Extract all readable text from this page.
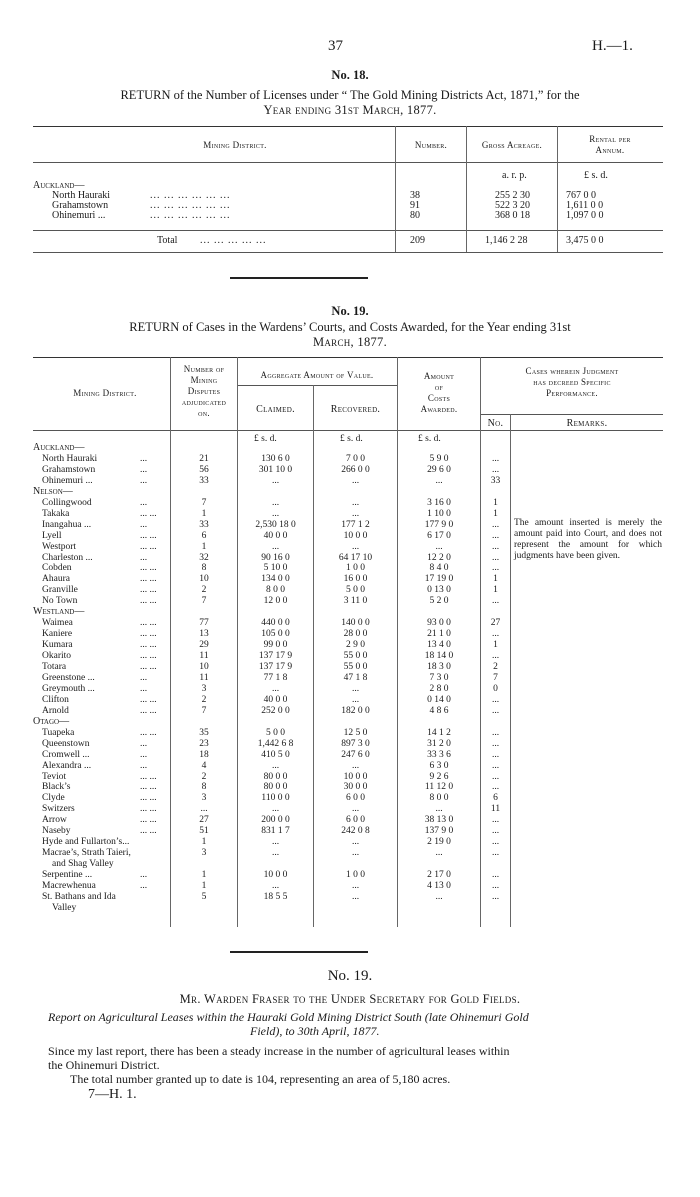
37	H.—1.
No. 18.
RETURN of the Number of Licenses under “ The Gold Mining Districts Act, 1871,” for the
Year ending 31st March, 1877.
Mining District.	Number.	Gross Acreage.
Rental per
Annum.
a. r. p.	£ s. d.
Auckland—
North Hauraki	... ... ... ... ... ...	38	255 2 30	767 0 0
Grahamstown	... ... ... ... ... ...	91	522 3 20	1,611 0 0
Ohinemuri ...	... ... ... ... ... ...	80	368 0 18	1,097 0 0
Total ... ... ... ... ...	209	1,146 2 28	3,475 0 0
No. 19.
RETURN of Cases in the Wardens’ Courts, and Costs Awarded, for the Year ending 31st
March, 1877.
Mining District.
Number of
Mining
Disputes
adjudicated
on.
Aggregate Amount of Value.
Claimed.	Recovered.
Amount
of
Costs
Awarded.
Cases wherein Judgment
has decreed Specific
Performance.
No.	Remarks.
£ s. d.	£ s. d.	£ s. d.
Auckland—
North Hauraki	...	21	130 6 0	7 0 0	5 9 0	...
Grahamstown	...	56	301 10 0	266 0 0	29 6 0	...
Ohinemuri ...	...	33	...	...	...	33
Nelson—
Collingwood	...	7	...	...	3 16 0	1
Takaka	... ...	1	...	...	1 10 0	1
Inangahua ...	...	33	2,530 18 0	177 1 2	177 9 0	...
Lyell	... ...	6	40 0 0	10 0 0	6 17 0	...
Westport	... ...	1	...	...	...	...
Charleston ...	...	32	90 16 0	64 17 10	12 2 0	...
Cobden	... ...	8	5 10 0	1 0 0	8 4 0	...
Ahaura	... ...	10	134 0 0	16 0 0	17 19 0	1
Granville	... ...	2	8 0 0	5 0 0	0 13 0	1
No Town	... ...	7	12 0 0	3 11 0	5 2 0	...
Westland—
Waimea	... ...	77	440 0 0	140 0 0	93 0 0	27
Kaniere	... ...	13	105 0 0	28 0 0	21 1 0	...
Kumara	... ...	29	99 0 0	2 9 0	13 4 0	1
Okarito	... ...	11	137 17 9	55 0 0	18 14 0	...
Totara	... ...	10	137 17 9	55 0 0	18 3 0	2
Greenstone ...	...	11	77 1 8	47 1 8	7 3 0	7
Greymouth ...	...	3	...	...	2 8 0	0
Clifton	... ...	2	40 0 0	...	0 14 0	...
Arnold	... ...	7	252 0 0	182 0 0	4 8 6	...
Otago—
Tuapeka	... ...	35	5 0 0	12 5 0	14 1 2	...
Queenstown	...	23	1,442 6 8	897 3 0	31 2 0	...
Cromwell ...	...	18	410 5 0	247 6 0	33 3 6	...
Alexandra ...	...	4	...	...	6 3 0	...
Teviot	... ...	2	80 0 0	10 0 0	9 2 6	...
Black’s	... ...	8	80 0 0	30 0 0	11 12 0	...
Clyde	... ...	3	110 0 0	6 0 0	8 0 0	6
Switzers	... ...	...	...	...	...	11
Arrow	... ...	27	200 0 0	6 0 0	38 13 0	...
Naseby	... ...	51	831 1 7	242 0 8	137 9 0	...
Hyde and Fullarton’s...	1	...	...	2 19 0	...
Macrae’s, Strath Taieri,	3	...	...	...	...
and Shag Valley
Serpentine ...	...	1	10 0 0	1 0 0	2 17 0	...
Macrewhenua	...	1	...	...	4 13 0	...
St. Bathans and Ida	5	18 5 5	...	...	...
Valley
The amount inserted is merely the amount paid into Court, and does not represent the amount for which judgments have been given.
No. 19.
Mr. Warden Fraser to the Under Secretary for Gold Fields.
Report on Agricultural Leases within the Hauraki Gold Mining District South (late Ohinemuri Gold
Field), to 30th April, 1877.
Since my last report, there has been a steady increase in the number of agricultural leases within
the Ohinemuri District.
The total number granted up to date is 104, representing an area of 5,180 acres.
7—H. 1.
